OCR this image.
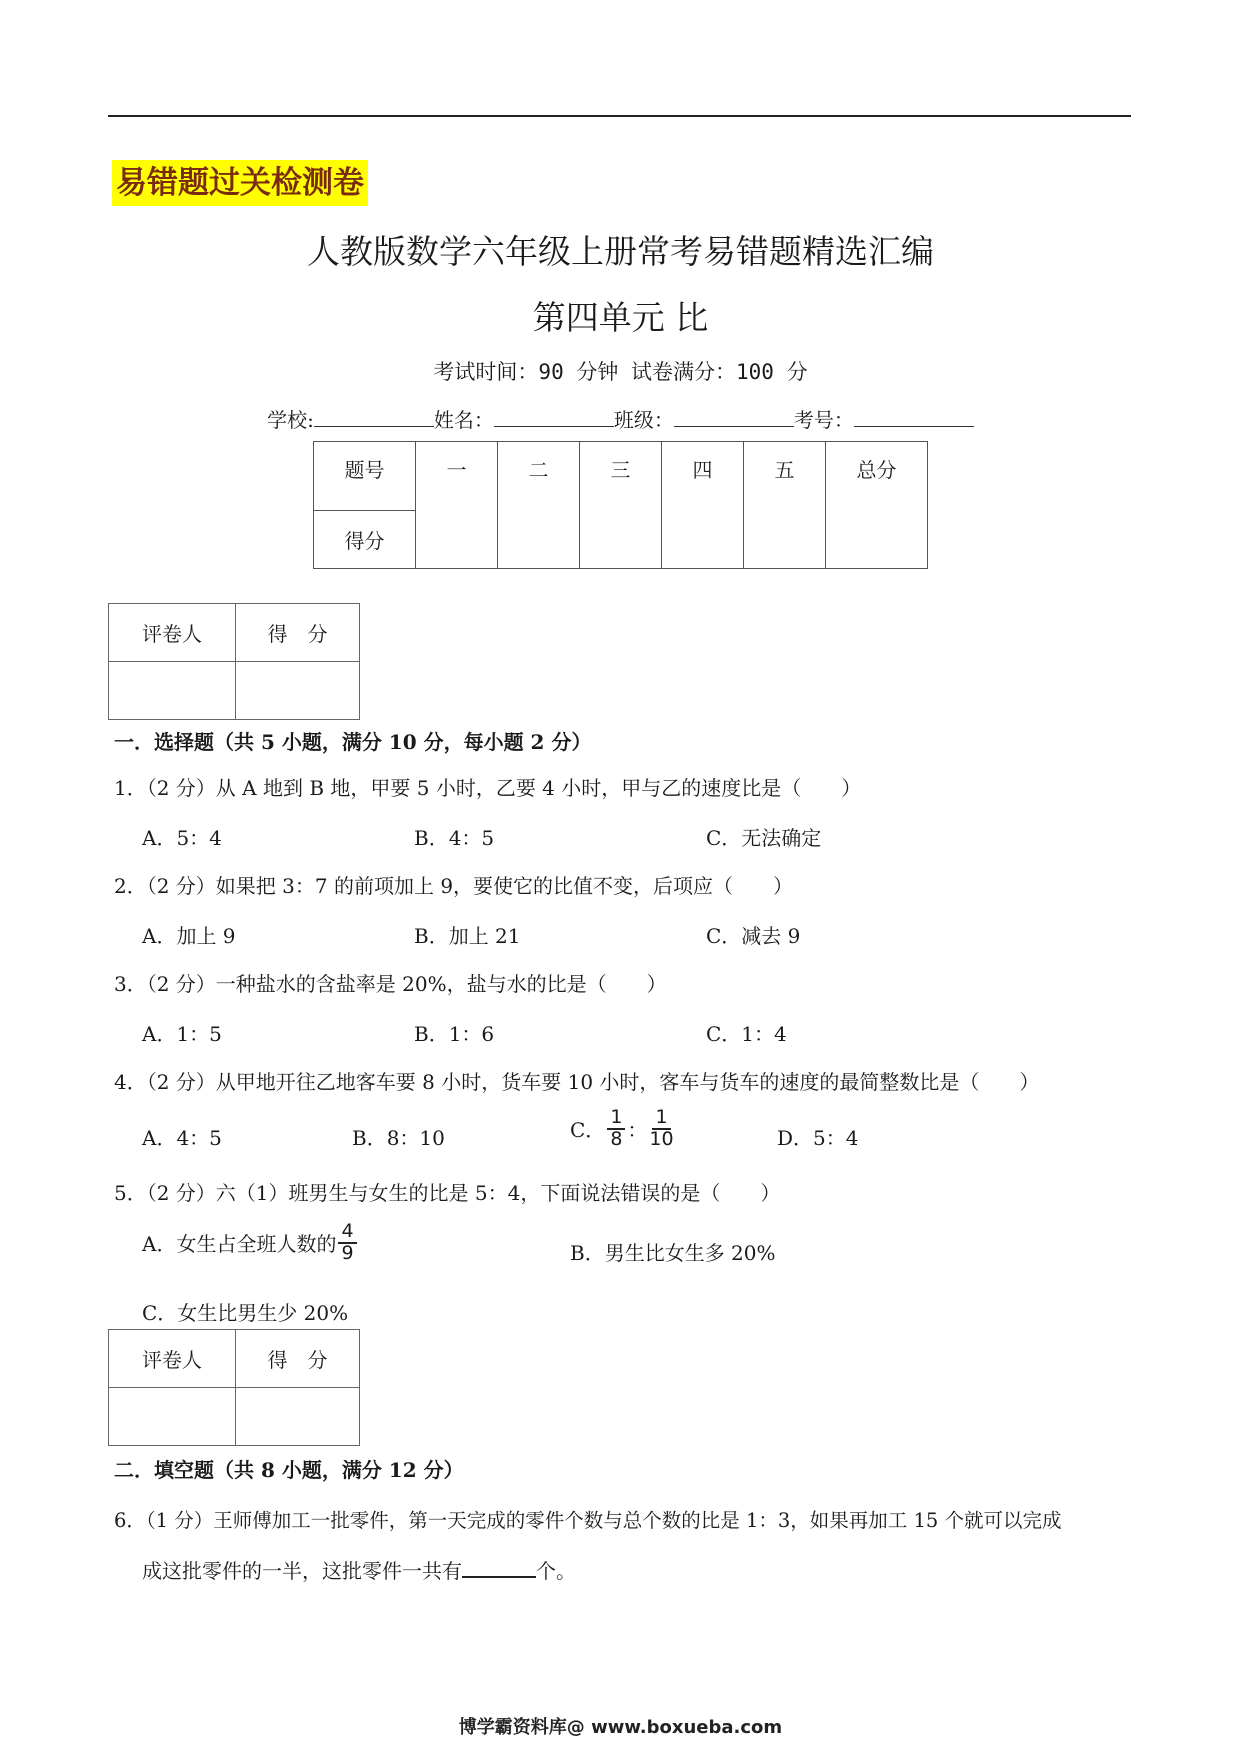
易错题过关检测卷
人教版数学六年级上册常考易错题精选汇编
第四单元 比
考试时间：90 分钟 试卷满分：100 分
学校:	姓名：	班级：	考号：
题号	一	二	三	四	五	总分
得分
评卷人	得　分

一．选择题（共 5 小题，满分 10 分，每小题 2 分）
1．（2 分）从 A 地到 B 地，甲要 5 小时，乙要 4 小时，甲与乙的速度比是（　　）
A．5：4	B．4：5	C．无法确定
2．（2 分）如果把 3：7 的前项加上 9，要使它的比值不变，后项应（　　）
A．加上 9	B．加上 21	C．减去 9
3．（2 分）一种盐水的含盐率是 20%，盐与水的比是（　　）
A．1：5	B．1：6	C．1：4
4．（2 分）从甲地开往乙地客车要 8 小时，货车要 10 小时，客车与货车的速度的最简整数比是（　　）
A．4：5	B．8：10	C． $\frac{1}{8}$ ： $\frac{1}{10}$	D．5：4
5．（2 分）六（1）班男生与女生的比是 5：4，下面说法错误的是（　　）
A．女生占全班人数的 $\frac{4}{9}$	B．男生比女生多 20%
C．女生比男生少 20%
评卷人	得　分

二．填空题（共 8 小题，满分 12 分）
6．（1 分）王师傅加工一批零件，第一天完成的零件个数与总个数的比是 1：3，如果再加工 15 个就可以完成
成这批零件的一半，这批零件一共有	个。
博学霸资料库@ www.boxueba.com
